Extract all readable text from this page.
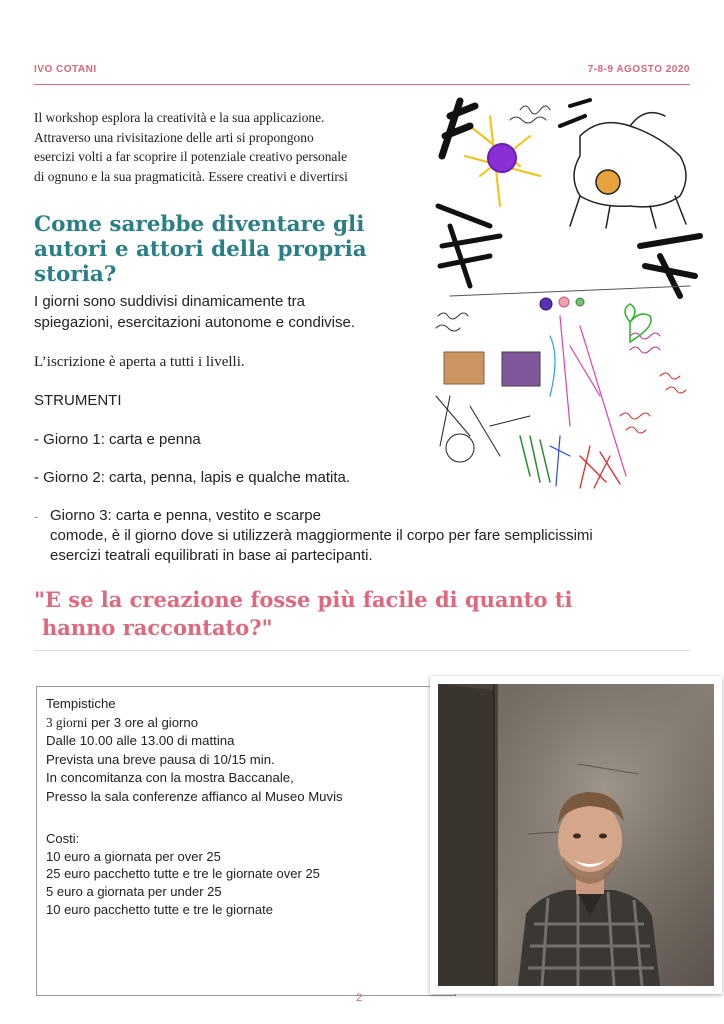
IVO COTANI	7-8-9 AGOSTO 2020
Il workshop esplora la creatività e la sua applicazione.
Attraverso una rivisitazione delle arti si propongono
esercizi volti a far scoprire il potenziale creativo personale
di ognuno e la sua pragmaticità. Essere creativi e divertirsi
Come sarebbe diventare gli
autori e attori della propria
storia?
I giorni sono suddivisi dinamicamente tra
spiegazioni, esercitazioni autonome e condivise.
L’iscrizione è aperta a tutti i livelli.
STRUMENTI
- Giorno 1: carta e penna
- Giorno 2: carta, penna, lapis e qualche matita.
- Giorno 3: carta e penna, vestito e scarpe
comode, è il giorno dove si utilizzerà maggiormente il corpo per fare semplicissimi
esercizi teatrali equilibrati in base ai partecipanti.
"E se la creazione fosse più facile di quanto ti
hanno raccontato?"
Tempistiche
3 giorni per 3 ore al giorno
Dalle 10.00 alle 13.00 di mattina
Prevista una breve pausa di 10/15 min.
In concomitanza con la mostra Baccanale,
Presso la sala conferenze affianco al Museo Muvis
Costi:
10 euro a giornata per over 25
25 euro pacchetto tutte e tre le giornate over 25
5 euro a giornata per under 25
10 euro pacchetto tutte e tre le giornate
2
